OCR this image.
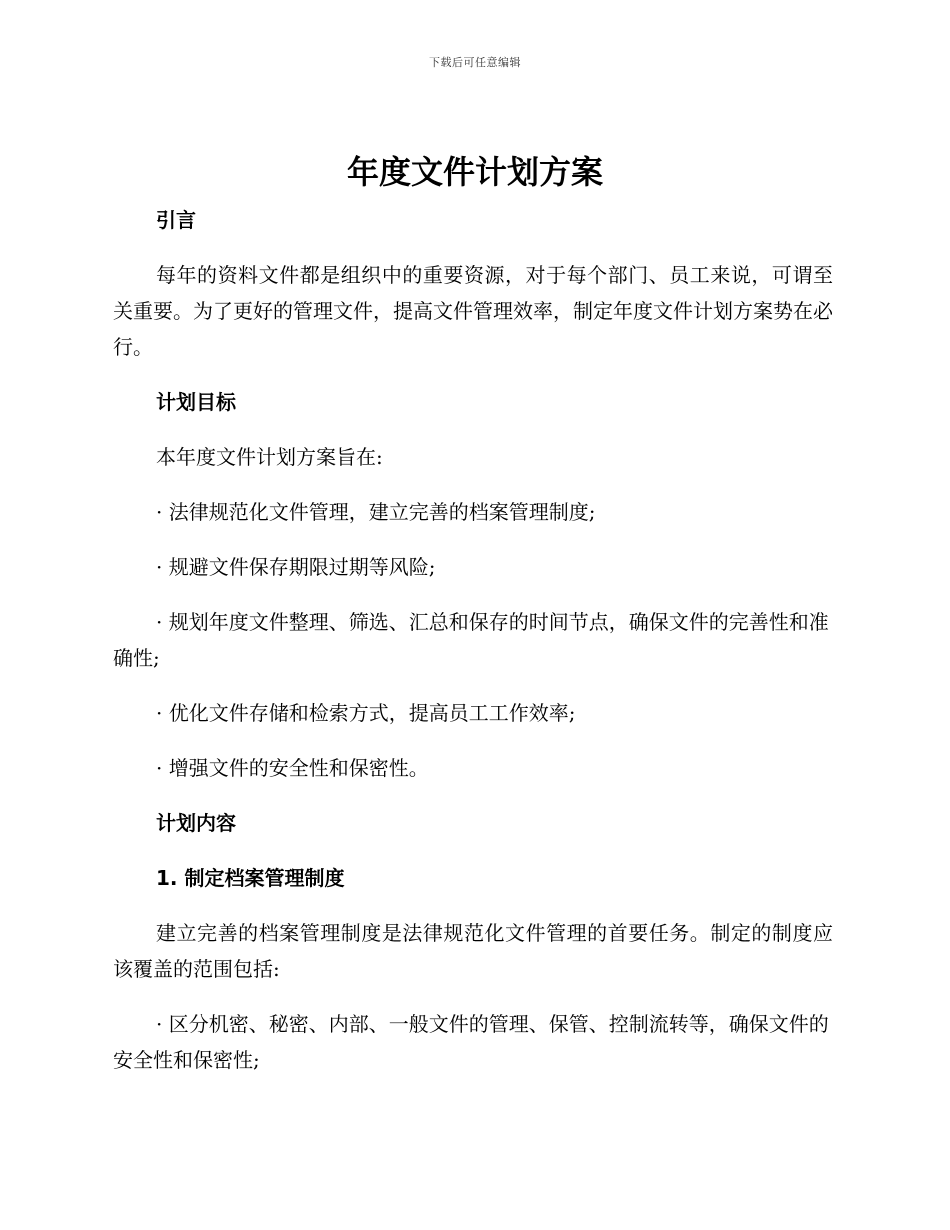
下载后可任意编辑
年度文件计划方案
引言
每年的资料文件都是组织中的重要资源，对于每个部门、员工来说，可谓至关重要。为了更好的管理文件，提高文件管理效率，制定年度文件计划方案势在必行。
计划目标
本年度文件计划方案旨在:
· 法律规范化文件管理，建立完善的档案管理制度;
· 规避文件保存期限过期等风险;
· 规划年度文件整理、筛选、汇总和保存的时间节点，确保文件的完善性和准确性;
· 优化文件存储和检索方式，提高员工工作效率;
· 增强文件的安全性和保密性。
计划内容
1. 制定档案管理制度
建立完善的档案管理制度是法律规范化文件管理的首要任务。制定的制度应该覆盖的范围包括:
· 区分机密、秘密、内部、一般文件的管理、保管、控制流转等，确保文件的安全性和保密性;
